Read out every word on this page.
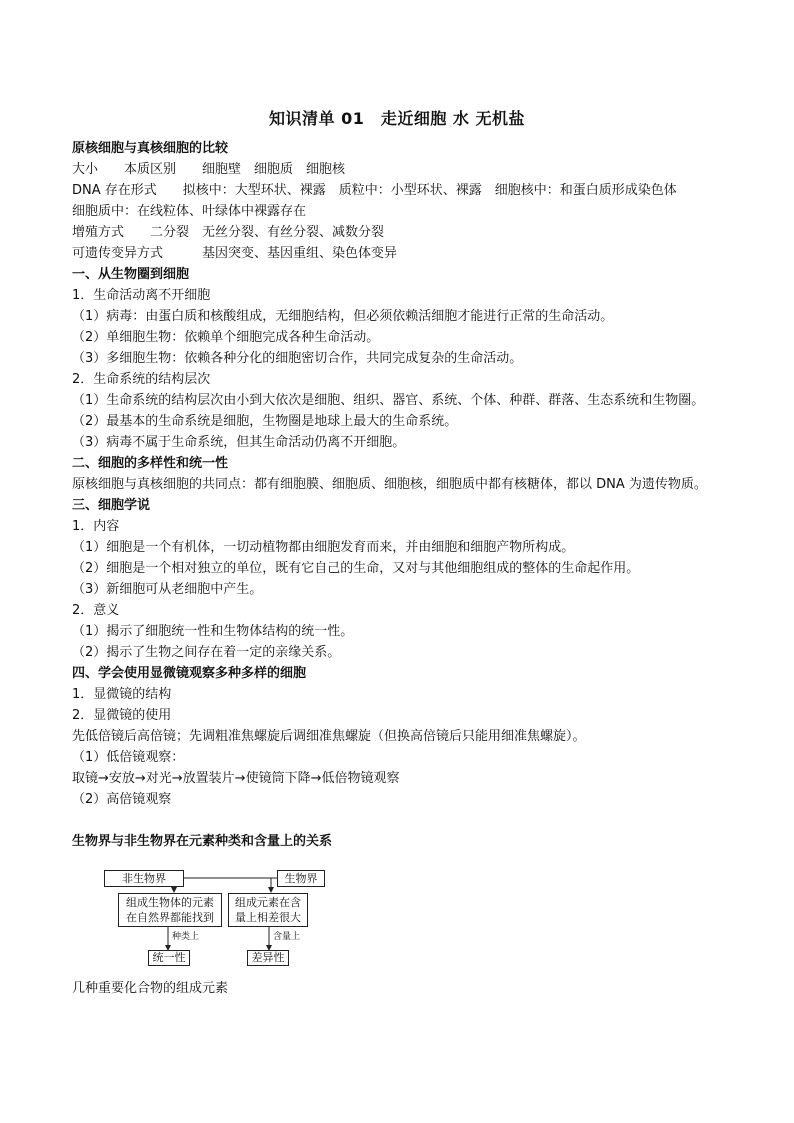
知识清单 01　走近细胞 水 无机盐
原核细胞与真核细胞的比较
大小　　本质区别　　细胞壁　细胞质　细胞核
DNA 存在形式　　拟核中：大型环状、裸露　质粒中：小型环状、裸露　细胞核中：和蛋白质形成染色体
细胞质中：在线粒体、叶绿体中裸露存在
增殖方式　　二分裂　无丝分裂、有丝分裂、减数分裂
可遗传变异方式　　　基因突变、基因重组、染色体变异
一、从生物圈到细胞
1．生命活动离不开细胞
（1）病毒：由蛋白质和核酸组成，无细胞结构，但必须依赖活细胞才能进行正常的生命活动。
（2）单细胞生物：依赖单个细胞完成各种生命活动。
（3）多细胞生物：依赖各种分化的细胞密切合作，共同完成复杂的生命活动。
2．生命系统的结构层次
（1）生命系统的结构层次由小到大依次是细胞、组织、器官、系统、个体、种群、群落、生态系统和生物圈。
（2）最基本的生命系统是细胞，生物圈是地球上最大的生命系统。
（3）病毒不属于生命系统，但其生命活动仍离不开细胞。
二、细胞的多样性和统一性
原核细胞与真核细胞的共同点：都有细胞膜、细胞质、细胞核，细胞质中都有核糖体，都以 DNA 为遗传物质。
三、细胞学说
1．内容
（1）细胞是一个有机体，一切动植物都由细胞发育而来，并由细胞和细胞产物所构成。
（2）细胞是一个相对独立的单位，既有它自己的生命，又对与其他细胞组成的整体的生命起作用。
（3）新细胞可从老细胞中产生。
2．意义
（1）揭示了细胞统一性和生物体结构的统一性。
（2）揭示了生物之间存在着一定的亲缘关系。
四、学会使用显微镜观察多种多样的细胞
1．显微镜的结构
2．显微镜的使用
先低倍镜后高倍镜；先调粗准焦螺旋后调细准焦螺旋（但换高倍镜后只能用细准焦螺旋）。
（1）低倍镜观察：
取镜→安放→对光→放置装片→使镜筒下降→低倍物镜观察
（2）高倍镜观察
生物界与非生物界在元素种类和含量上的关系
非生物界	生物界
组成生物体的元素
在自然界都能找到
组成元素在含
量上相差很大
种类上	含量上
统一性	差异性
几种重要化合物的组成元素
